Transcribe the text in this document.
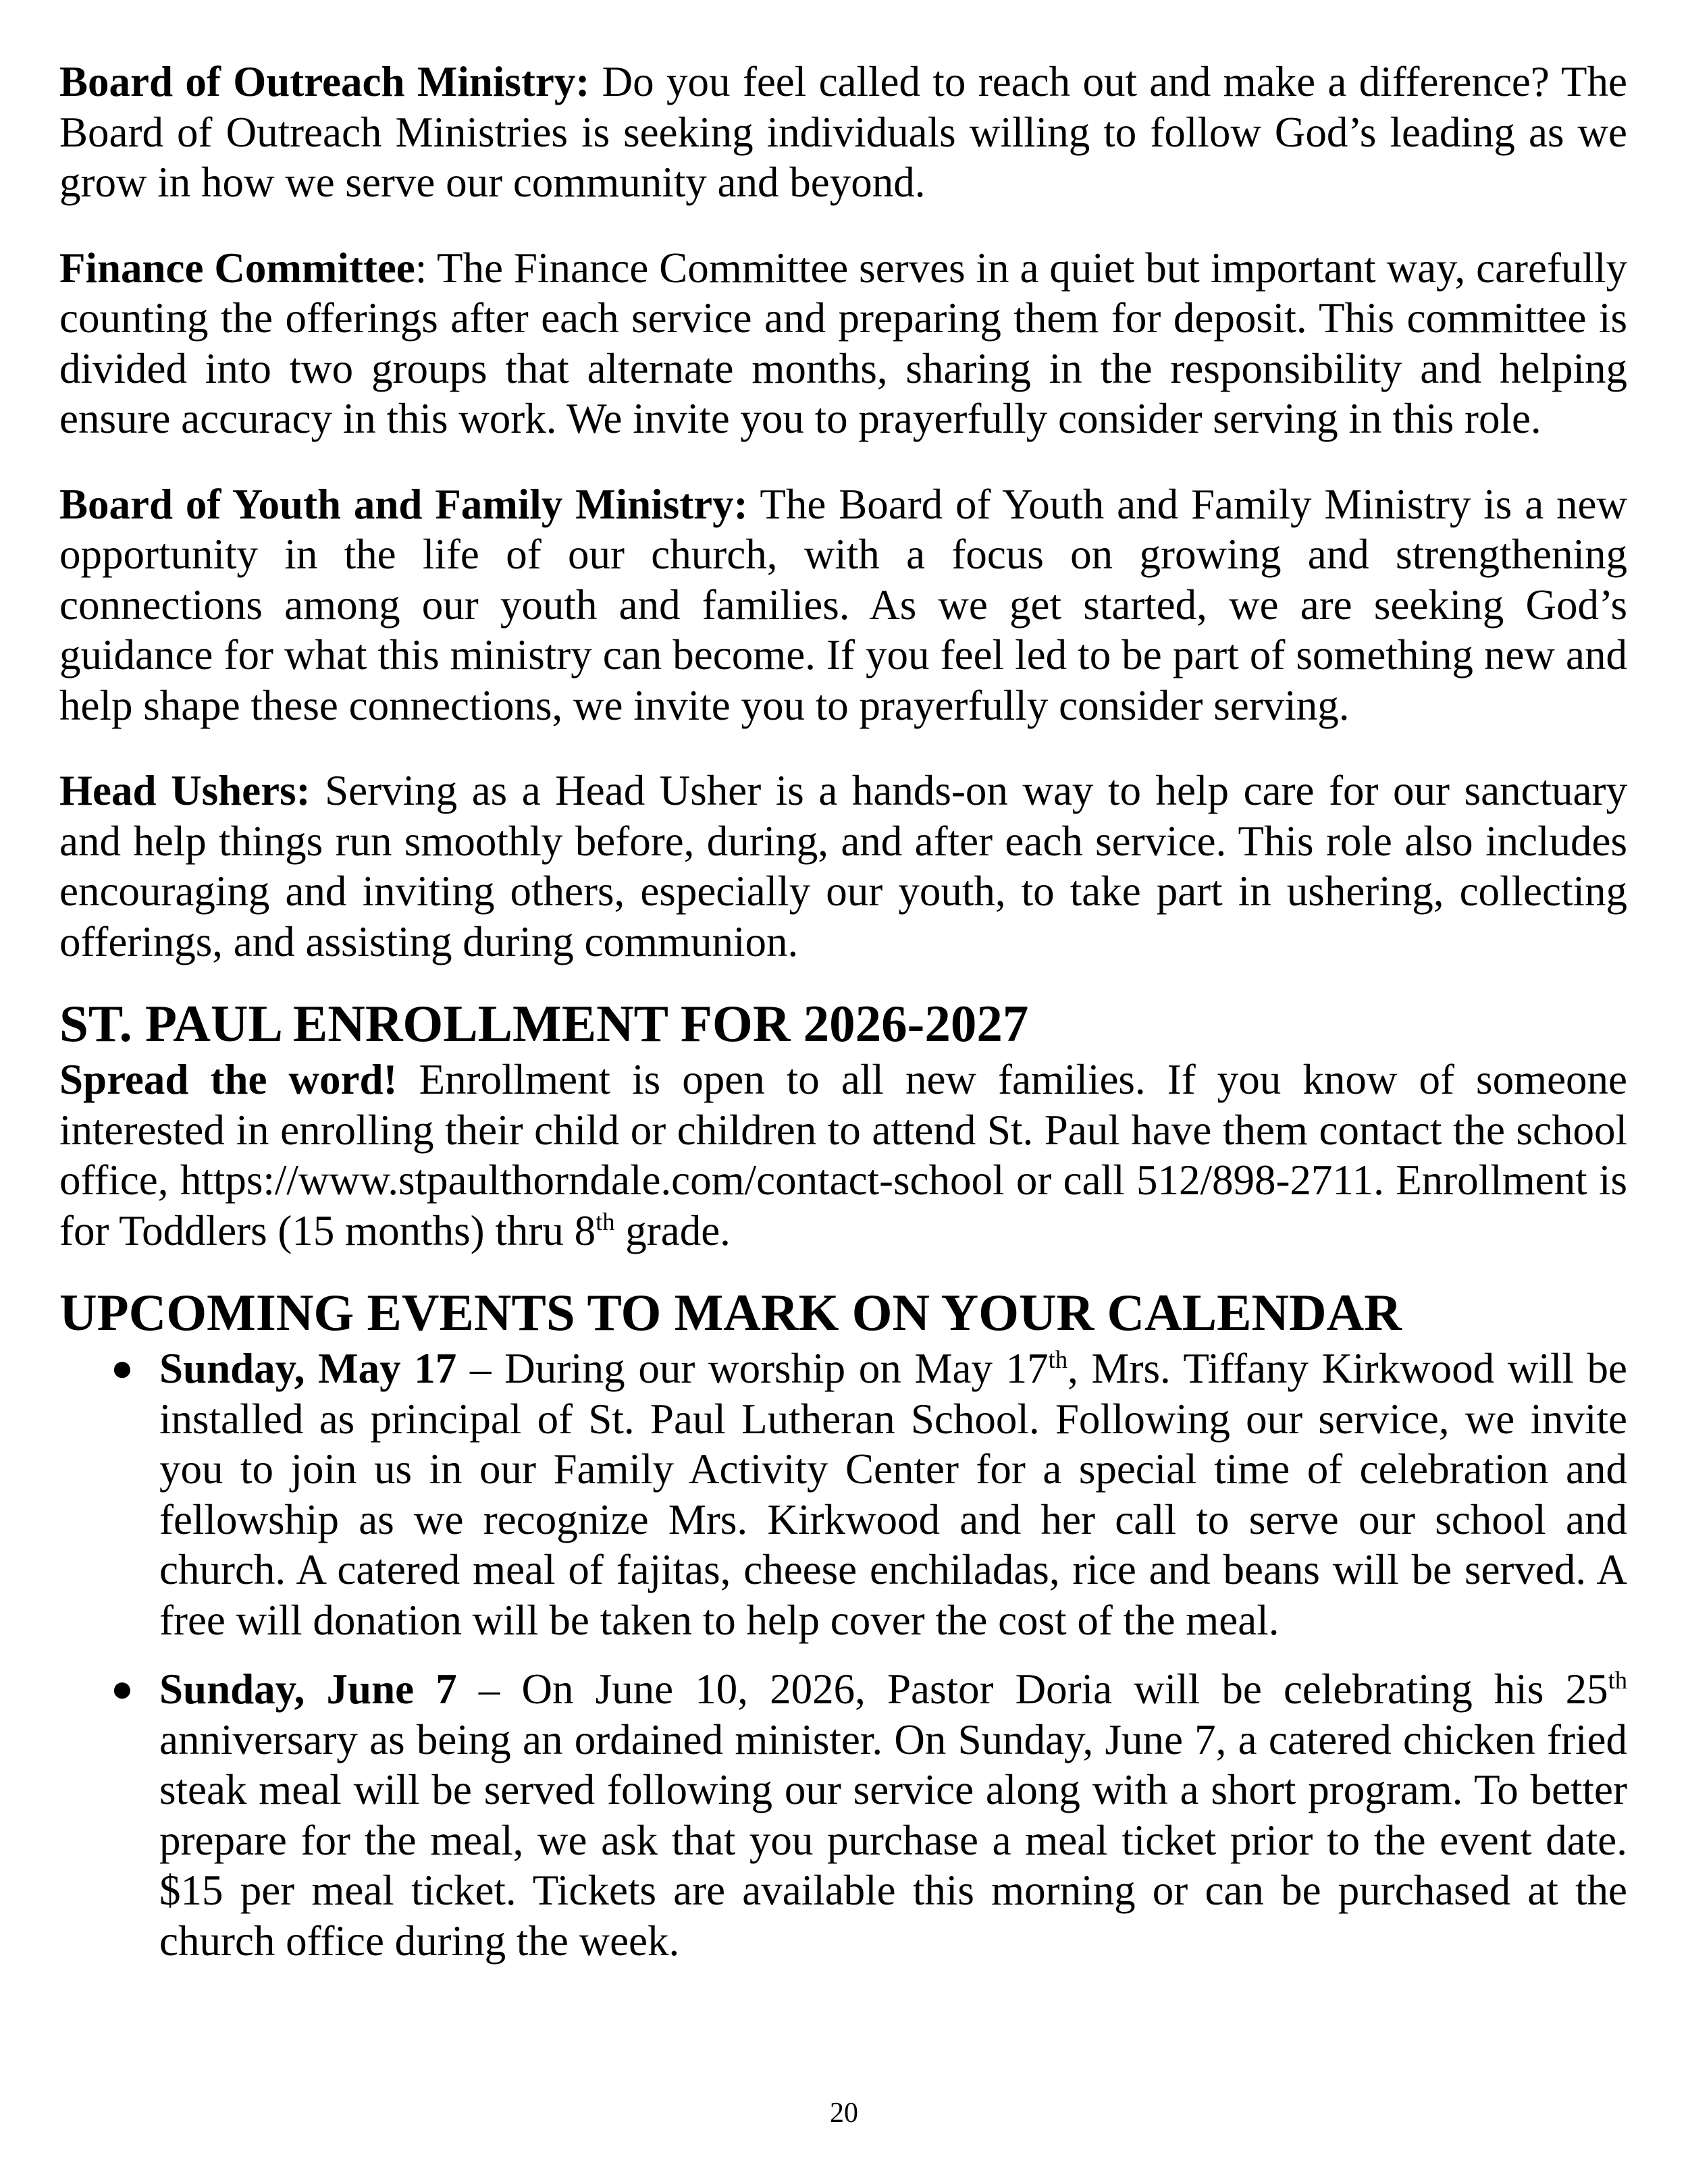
Board of Outreach Ministry: Do you feel called to reach out and make a difference? The Board of Outreach Ministries is seeking individuals willing to follow God’s leading as we grow in how we serve our community and beyond.

Finance Committee: The Finance Committee serves in a quiet but important way, carefully counting the offerings after each service and preparing them for deposit. This committee is divided into two groups that alternate months, sharing in the responsibility and helping ensure accuracy in this work. We invite you to prayerfully consider serving in this role.

Board of Youth and Family Ministry: The Board of Youth and Family Ministry is a new opportunity in the life of our church, with a focus on growing and strengthening connections among our youth and families. As we get started, we are seeking God’s guidance for what this ministry can become. If you feel led to be part of something new and help shape these connections, we invite you to prayerfully consider serving.

Head Ushers: Serving as a Head Usher is a hands-on way to help care for our sanctuary and help things run smoothly before, during, and after each service. This role also includes encouraging and inviting others, especially our youth, to take part in ushering, collecting offerings, and assisting during communion.

ST. PAUL ENROLLMENT FOR 2026-2027

Spread the word! Enrollment is open to all new families. If you know of someone interested in enrolling their child or children to attend St. Paul have them contact the school office, https://www.stpaulthorndale.com/contact-school or call 512/898-2711. Enrollment is for Toddlers (15 months) thru 8th grade.

UPCOMING EVENTS TO MARK ON YOUR CALENDAR
● Sunday, May 17 – During our worship on May 17th, Mrs. Tiffany Kirkwood will be installed as principal of St. Paul Lutheran School. Following our service, we invite you to join us in our Family Activity Center for a special time of celebration and fellowship as we recognize Mrs. Kirkwood and her call to serve our school and church. A catered meal of fajitas, cheese enchiladas, rice and beans will be served. A free will donation will be taken to help cover the cost of the meal.
● Sunday, June 7 – On June 10, 2026, Pastor Doria will be celebrating his 25th anniversary as being an ordained minister. On Sunday, June 7, a catered chicken fried steak meal will be served following our service along with a short program. To better prepare for the meal, we ask that you purchase a meal ticket prior to the event date. $15 per meal ticket. Tickets are available this morning or can be purchased at the church office during the week.
20
